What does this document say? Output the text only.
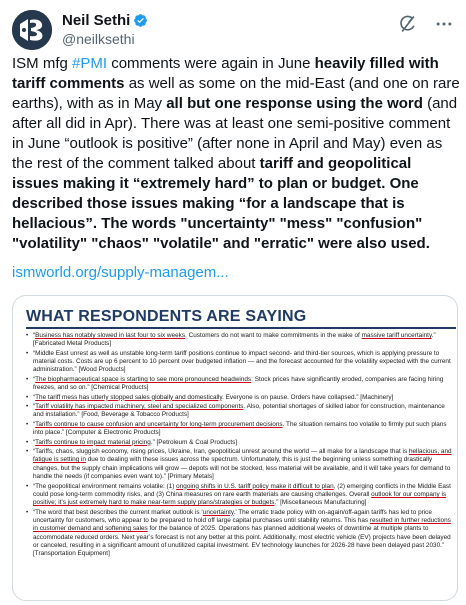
Neil Sethi
@neilksethi
ISM mfg #PMI comments were again in June heavily filled with tariff comments as well as some on the mid-East (and one on rare earths), with as in May all but one response using the word (and after all did in Apr). There was at least one semi-positive comment in June “outlook is positive” (after none in April and May) even as the rest of the comment talked about tariff and geopolitical issues making it “extremely hard” to plan or budget. One described those issues making “for a landscape that is hellacious”. The words "uncertainty" "mess" "confusion" "volatility" "chaos" "volatile" and "erratic" were also used.
ismworld.org/supply-managem...
WHAT RESPONDENTS ARE SAYING
• “Business has notably slowed in last four to six weeks. Customers do not want to make commitments in the wake of massive tariff uncertainty.” [Fabricated Metal Products]
• “Middle East unrest as well as unstable long-term tariff positions continue to impact second- and third-tier sources, which is applying pressure to material costs. Costs are up 6 percent to 10 percent over budgeted inflation — and the forecast accounted for the volatility expected with the current administration.” [Wood Products]
• “The biopharmaceutical space is starting to see more pronounced headwinds: Stock prices have significantly eroded, companies are facing hiring freezes, and so on.” [Chemical Products]
• “The tariff mess has utterly stopped sales globally and domestically. Everyone is on pause. Orders have collapsed.” [Machinery]
• “Tariff volatility has impacted machinery, steel and specialized components. Also, potential shortages of skilled labor for construction, maintenance and installation.” [Food, Beverage & Tobacco Products]
• “Tariffs continue to cause confusion and uncertainty for long-term procurement decisions. The situation remains too volatile to firmly put such plans into place.” [Computer & Electronic Products]
• “Tariffs continue to impact material pricing.” [Petroleum & Coal Products]
• “Tariffs, chaos, sluggish economy, rising prices, Ukraine, Iran, geopolitical unrest around the world — all make for a landscape that is hellacious, and fatigue is setting in due to dealing with these issues across the spectrum. Unfortunately, this is just the beginning unless something drastically changes, but the supply chain implications will grow — depots will not be stocked, less material will be available, and it will take years for demand to handle the needs (if companies even want to).” [Primary Metals]
• “The geopolitical environment remains volatile: (1) ongoing shifts in U.S. tariff policy make it difficult to plan, (2) emerging conflicts in the Middle East could pose long-term commodity risks, and (3) China measures on rare earth materials are causing challenges. Overall outlook for our company is positive; it’s just extremely hard to make near-term supply plans/strategies or budgets.” [Miscellaneous Manufacturing]
• “The word that best describes the current market outlook is ‘uncertainty.’ The erratic trade policy with on-again/off-again tariffs has led to price uncertainty for customers, who appear to be prepared to hold off large capital purchases until stability returns. This has resulted in further reductions in customer demand and softening sales for the balance of 2025. Operations has planned additional weeks of downtime at multiple plants to accommodate reduced orders. Next year’s forecast is not any better at this point. Additionally, most electric vehicle (EV) projects have been delayed or canceled, resulting in a significant amount of unutilized capital investment. EV technology launches for 2026-28 have been delayed past 2030.” [Transportation Equipment]
